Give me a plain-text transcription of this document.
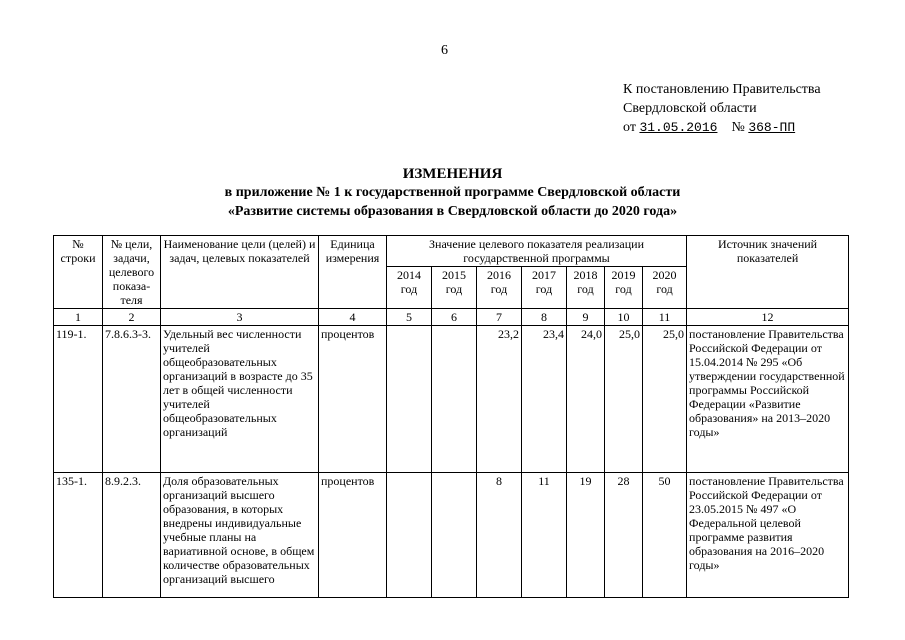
6
К постановлению Правительства
Свердловской области
от 31.05.2016 № 368-ПП
ИЗМЕНЕНИЯ
в приложение № 1 к государственной программе Свердловской области
«Развитие системы образования в Свердловской области до 2020 года»
№ строки	№ цели, задачи, целевого показа-теля	Наименование цели (целей) и задач, целевых показателей	Единица измерения	Значение целевого показателя реализации государственной программы							Источник значений показателей
				2014 год	2015 год	2016 год	2017 год	2018 год	2019 год	2020 год	
1	2	3	4	5	6	7	8	9	10	11	12
119-1.	7.8.6.3-3.	Удельный вес численности учителей общеобразовательных организаций в возрасте до 35 лет в общей численности учителей общеобразовательных организаций	процентов			23,2	23,4	24,0	25,0	25,0	постановление Правительства Российской Федерации от 15.04.2014 № 295 «Об утверждении государственной программы Российской Федерации «Развитие образования» на 2013–2020 годы»
135-1.	8.9.2.3.	Доля образовательных организаций высшего образования, в которых внедрены индивидуальные учебные планы на вариативной основе, в общем количестве образовательных организаций высшего	процентов			8	11	19	28	50	постановление Правительства Российской Федерации от 23.05.2015 № 497 «О Федеральной целевой программе развития образования на 2016–2020 годы»
